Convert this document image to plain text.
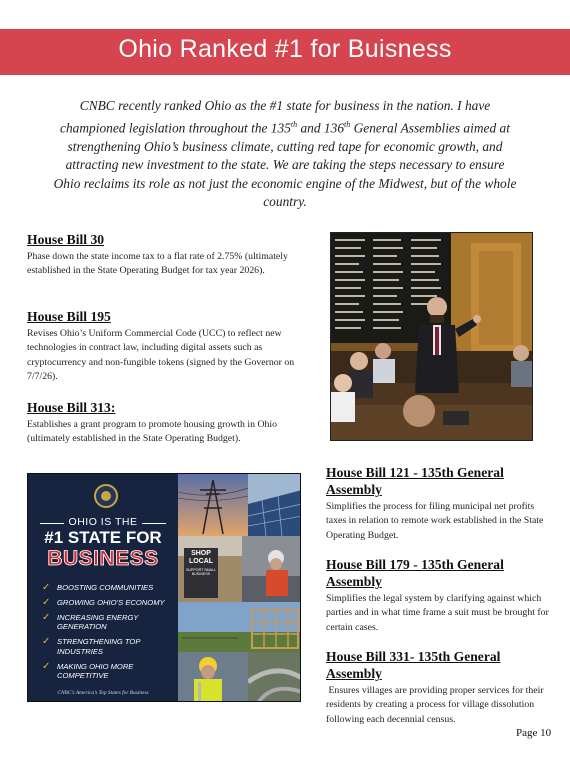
Ohio Ranked #1 for Buisness

CNBC recently ranked Ohio as the #1 state for business in the nation. I have championed legislation throughout the 135th and 136th General Assemblies aimed at strengthening Ohio’s business climate, cutting red tape for economic growth, and attracting new investment to the state. We are taking the steps necessary to ensure Ohio reclaims its role as not just the economic engine of the Midwest, but of the whole country.

House Bill 30
Phase down the state income tax to a flat rate of 2.75% (ultimately established in the State Operating Budget for tax year 2026).
House Bill 195
Revises Ohio’s Uniform Commercial Code (UCC) to reflect new technologies in contract law, including digital assets such as cryptocurrency and non-fungible tokens (signed by the Governor on 7/7/26).
House Bill 313:
Establishes a grant program to promote housing growth in Ohio (ultimately established in the State Operating Budget).
OHIO IS THE
#1 STATE FOR
BUSINESS
✓ BOOSTING COMMUNITIES
✓ GROWING OHIO’S ECONOMY
✓ INCREASING ENERGY GENERATION
✓ STRENGTHENING TOP INDUSTRIES
✓ MAKING OHIO MORE COMPETITIVE
CNBC’s America’s Top States for Business
SHOP
LOCAL
SUPPORT SMALL BUSINESS
House Bill 121 - 135th General Assembly
Simplifies the process for filing municipal net profits taxes in relation to remote work established in the State Operating Budget.
House Bill 179 - 135th General Assembly
Simplifies the legal system by clarifying against which parties and in what time frame a suit must be brought for certain cases.
House Bill 331- 135th General Assembly
Ensures villages are providing proper services for their residents by creating a process for village dissolution following each decennial census.
Page 10
